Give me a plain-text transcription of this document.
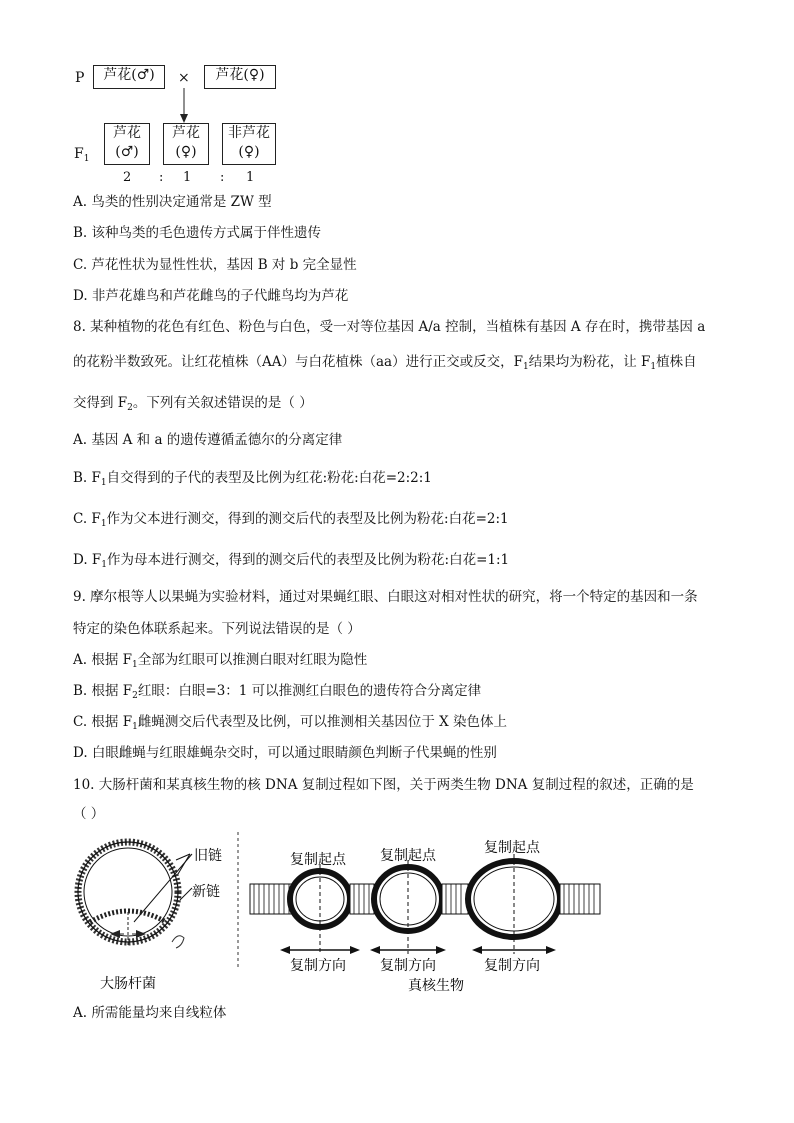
P	芦花(♂)	×	芦花(♀)
$F_1$
芦花
(♂)
芦花
(♀)
非芦花
(♀)
2 : 1 : 1
A. 鸟类的性别决定通常是 ZW 型
B. 该种鸟类的毛色遗传方式属于伴性遗传
C. 芦花性状为显性性状，基因 B 对 b 完全显性
D. 非芦花雄鸟和芦花雌鸟的子代雌鸟均为芦花
8. 某种植物的花色有红色、粉色与白色，受一对等位基因 A/a 控制，当植株有基因 A 存在时，携带基因 a
的花粉半数致死。让红花植株（AA）与白花植株（aa）进行正交或反交，$F_1$结果均为粉花，让 $F_1$植株自
交得到 $F_2$。下列有关叙述错误的是（ ）
A. 基因 A 和 a 的遗传遵循孟德尔的分离定律
B. $F_1$自交得到的子代的表型及比例为红花:粉花:白花=2:2:1
C. $F_1$作为父本进行测交，得到的测交后代的表型及比例为粉花:白花=2:1
D. $F_1$作为母本进行测交，得到的测交后代的表型及比例为粉花:白花=1:1
9. 摩尔根等人以果蝇为实验材料，通过对果蝇红眼、白眼这对相对性状的研究，将一个特定的基因和一条
特定的染色体联系起来。下列说法错误的是（ ）
A. 根据 $F_1$全部为红眼可以推测白眼对红眼为隐性
B. 根据 $F_2$红眼：白眼=3：1 可以推测红白眼色的遗传符合分离定律
C. 根据 $F_1$雌蝇测交后代表型及比例，可以推测相关基因位于 X 染色体上
D. 白眼雌蝇与红眼雄蝇杂交时，可以通过眼睛颜色判断子代果蝇的性别
10. 大肠杆菌和某真核生物的核 DNA 复制过程如下图，关于两类生物 DNA 复制过程的叙述，正确的是
（ ）
旧链
新链
大肠杆菌
复制起点 复制起点	复制起点
复制方向 复制方向	复制方向
真核生物
A. 所需能量均来自线粒体
